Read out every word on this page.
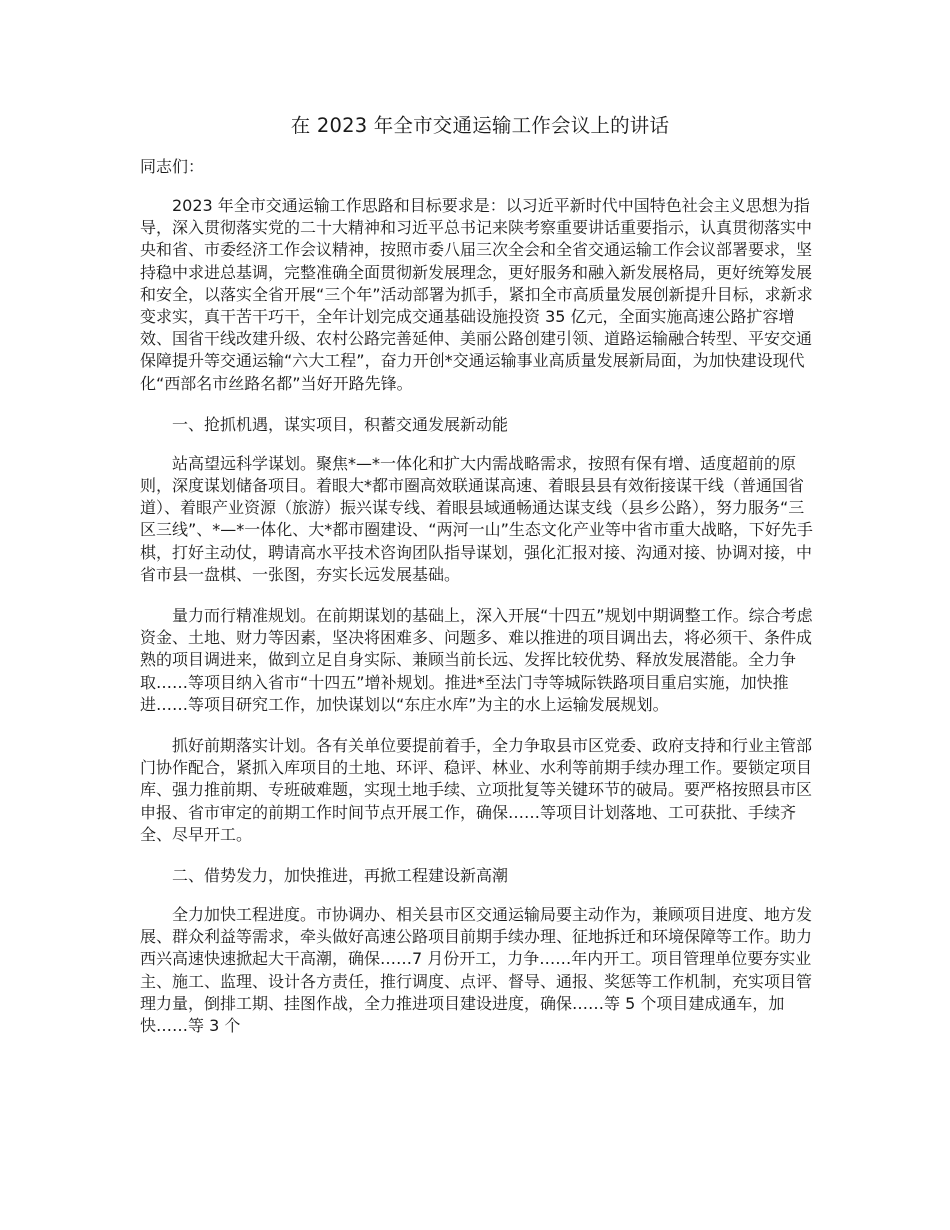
在 2023 年全市交通运输工作会议上的讲话

同志们：

2023 年全市交通运输工作思路和目标要求是：以习近平新时代中国特色社会主义思想为指导，深入贯彻落实党的二十大精神和习近平总书记来陕考察重要讲话重要指示，认真贯彻落实中央和省、市委经济工作会议精神，按照市委八届三次全会和全省交通运输工作会议部署要求，坚持稳中求进总基调，完整准确全面贯彻新发展理念，更好服务和融入新发展格局，更好统筹发展和安全，以落实全省开展“三个年”活动部署为抓手，紧扣全市高质量发展创新提升目标，求新求变求实，真干苦干巧干，全年计划完成交通基础设施投资 35 亿元，全面实施高速公路扩容增效、国省干线改建升级、农村公路完善延伸、美丽公路创建引领、道路运输融合转型、平安交通保障提升等交通运输“六大工程”，奋力开创*交通运输事业高质量发展新局面，为加快建设现代化“西部名市丝路名都”当好开路先锋。

一、抢抓机遇，谋实项目，积蓄交通发展新动能

站高望远科学谋划。聚焦*—*一体化和扩大内需战略需求，按照有保有增、适度超前的原则，深度谋划储备项目。着眼大*都市圈高效联通谋高速、着眼县县有效衔接谋干线（普通国省道）、着眼产业资源（旅游）振兴谋专线、着眼县域通畅通达谋支线（县乡公路），努力服务“三区三线”、*—*一体化、大*都市圈建设、“两河一山”生态文化产业等中省市重大战略，下好先手棋，打好主动仗，聘请高水平技术咨询团队指导谋划，强化汇报对接、沟通对接、协调对接，中省市县一盘棋、一张图，夯实长远发展基础。

量力而行精准规划。在前期谋划的基础上，深入开展“十四五”规划中期调整工作。综合考虑资金、土地、财力等因素，坚决将困难多、问题多、难以推进的项目调出去，将必须干、条件成熟的项目调进来，做到立足自身实际、兼顾当前长远、发挥比较优势、释放发展潜能。全力争取……等项目纳入省市“十四五”增补规划。推进*至法门寺等城际铁路项目重启实施，加快推进……等项目研究工作，加快谋划以“东庄水库”为主的水上运输发展规划。

抓好前期落实计划。各有关单位要提前着手，全力争取县市区党委、政府支持和行业主管部门协作配合，紧抓入库项目的土地、环评、稳评、林业、水利等前期手续办理工作。要锁定项目库、强力推前期、专班破难题，实现土地手续、立项批复等关键环节的破局。要严格按照县市区申报、省市审定的前期工作时间节点开展工作，确保……等项目计划落地、工可获批、手续齐全、尽早开工。

二、借势发力，加快推进，再掀工程建设新高潮

全力加快工程进度。市协调办、相关县市区交通运输局要主动作为，兼顾项目进度、地方发展、群众利益等需求，牵头做好高速公路项目前期手续办理、征地拆迁和环境保障等工作。助力西兴高速快速掀起大干高潮，确保……7 月份开工，力争……年内开工。项目管理单位要夯实业主、施工、监理、设计各方责任，推行调度、点评、督导、通报、奖惩等工作机制，充实项目管理力量，倒排工期、挂图作战，全力推进项目建设进度，确保……等 5 个项目建成通车，加快……等 3 个
